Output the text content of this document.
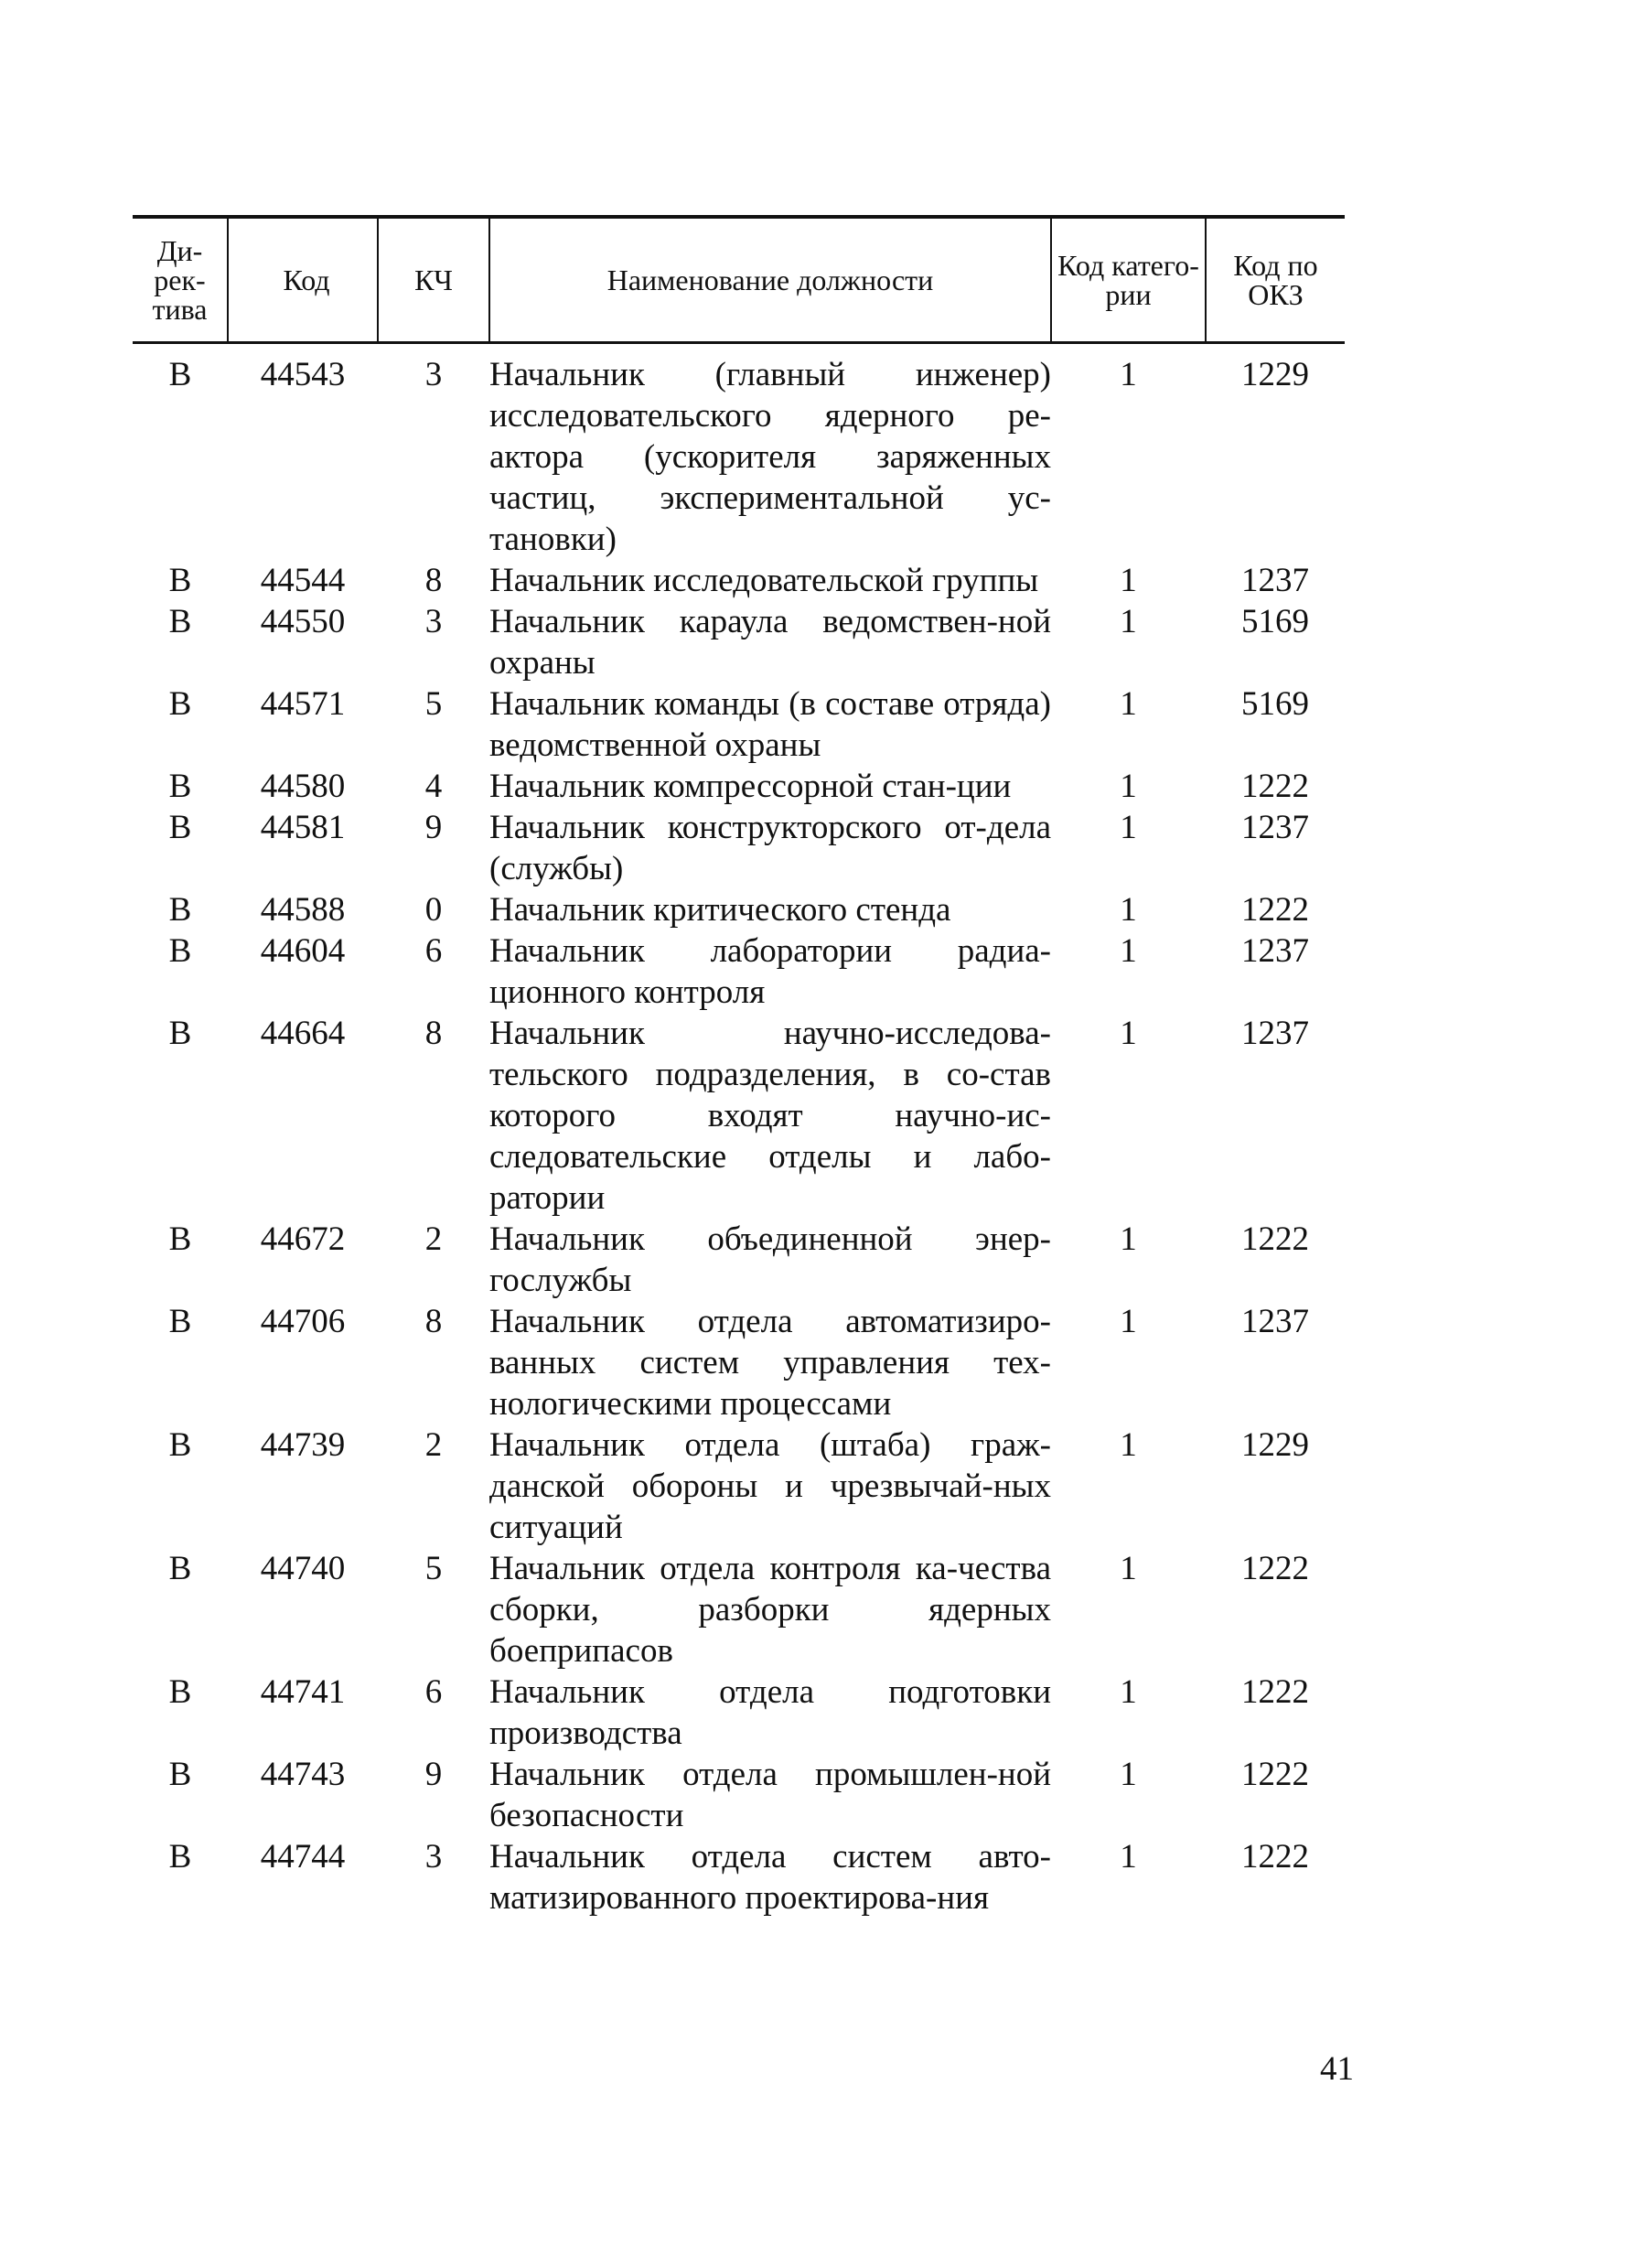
Ди-рек-тива	Код	КЧ	Наименование должности	Код катего-рии	Код по ОКЗ
В	44543	3	Начальник (главный инженер) исследовательского ядерного ре-актора (ускорителя заряженных частиц, экспериментальной ус-тановки)	1	1229
В	44544	8	Начальник исследовательской группы	1	1237
В	44550	3	Начальник караула ведомствен-ной охраны	1	5169
В	44571	5	Начальник команды (в составе отряда) ведомственной охраны	1	5169
В	44580	4	Начальник компрессорной стан-ции	1	1222
В	44581	9	Начальник конструкторского от-дела (службы)	1	1237
В	44588	0	Начальник критического стенда	1	1222
В	44604	6	Начальник лаборатории радиа-ционного контроля	1	1237
В	44664	8	Начальник научно-исследова-тельского подразделения, в со-став которого входят научно-ис-следовательские отделы и лабо-ратории	1	1237
В	44672	2	Начальник объединенной энер-гослужбы	1	1222
В	44706	8	Начальник отдела автоматизиро-ванных систем управления тех-нологическими процессами	1	1237
В	44739	2	Начальник отдела (штаба) граж-данской обороны и чрезвычай-ных ситуаций	1	1229
В	44740	5	Начальник отдела контроля ка-чества сборки, разборки ядерных боеприпасов	1	1222
В	44741	6	Начальник отдела подготовки производства	1	1222
В	44743	9	Начальник отдела промышлен-ной безопасности	1	1222
В	44744	3	Начальник отдела систем авто-матизированного проектирова-ния	1	1222
41
